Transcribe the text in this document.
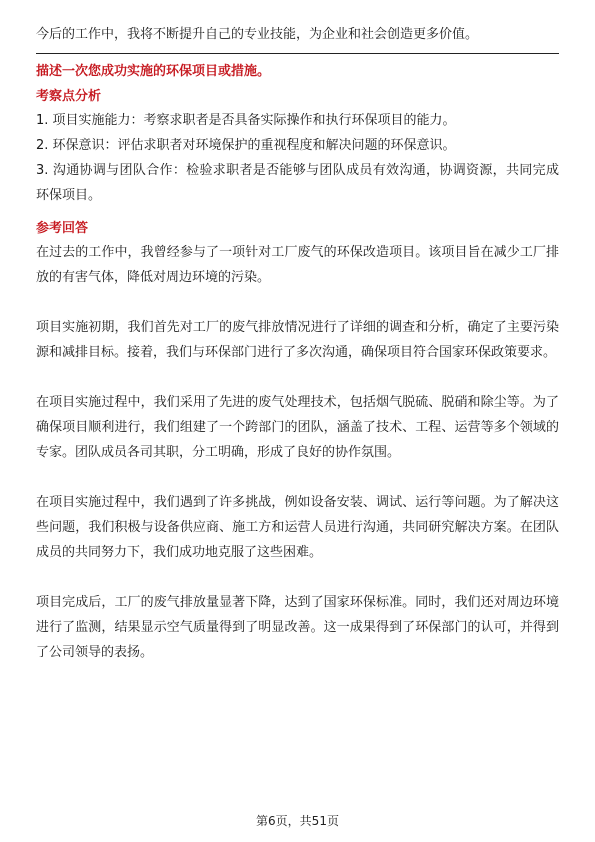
今后的工作中，我将不断提升自己的专业技能，为企业和社会创造更多价值。

描述一次您成功实施的环保项目或措施。
考察点分析

1. 项目实施能力：考察求职者是否具备实际操作和执行环保项目的能力。

2. 环保意识：评估求职者对环境保护的重视程度和解决问题的环保意识。

3. 沟通协调与团队合作：检验求职者是否能够与团队成员有效沟通，协调资源，共同完成环保项目。

参考回答

在过去的工作中，我曾经参与了一项针对工厂废气的环保改造项目。该项目旨在减少工厂排放的有害气体，降低对周边环境的污染。

项目实施初期，我们首先对工厂的废气排放情况进行了详细的调查和分析，确定了主要污染源和减排目标。接着，我们与环保部门进行了多次沟通，确保项目符合国家环保政策要求。

在项目实施过程中，我们采用了先进的废气处理技术，包括烟气脱硫、脱硝和除尘等。为了确保项目顺利进行，我们组建了一个跨部门的团队，涵盖了技术、工程、运营等多个领域的专家。团队成员各司其职，分工明确，形成了良好的协作氛围。

在项目实施过程中，我们遇到了许多挑战，例如设备安装、调试、运行等问题。为了解决这些问题，我们积极与设备供应商、施工方和运营人员进行沟通，共同研究解决方案。在团队成员的共同努力下，我们成功地克服了这些困难。

项目完成后，工厂的废气排放量显著下降，达到了国家环保标准。同时，我们还对周边环境进行了监测，结果显示空气质量得到了明显改善。这一成果得到了环保部门的认可，并得到了公司领导的表扬。

第6页，共51页
